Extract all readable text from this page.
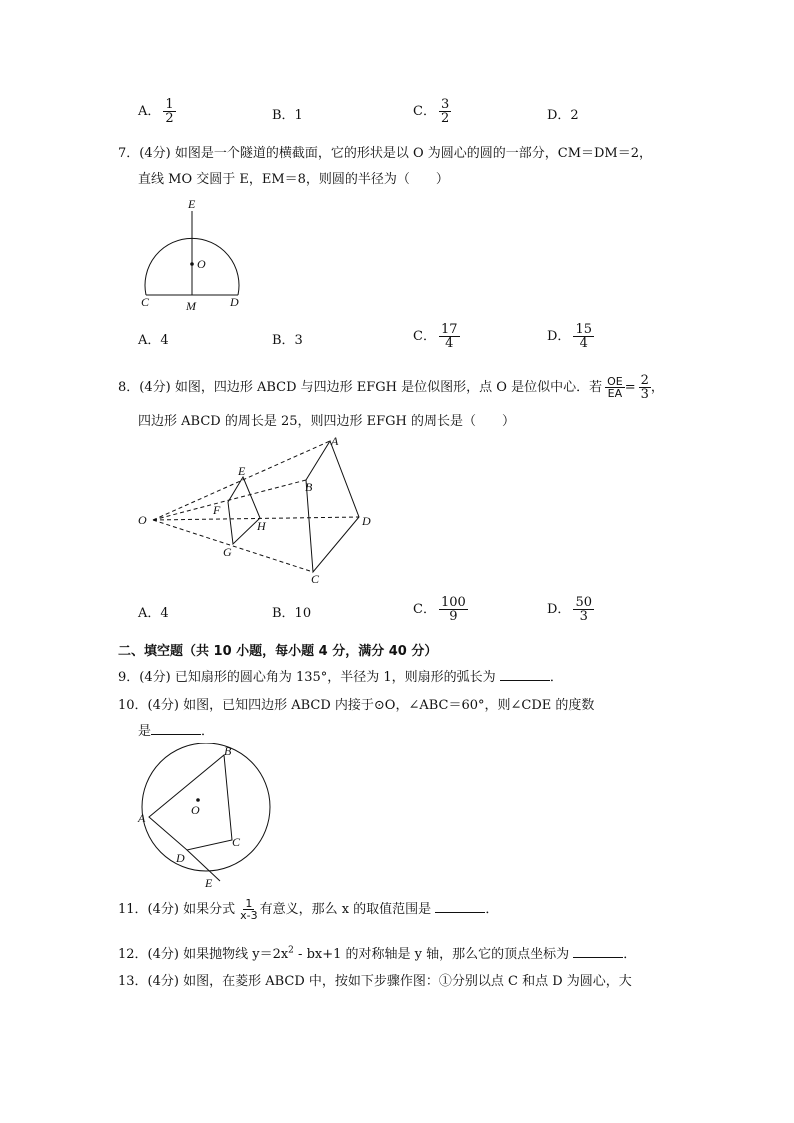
A． $\frac{1}{2}$	B．1	C． $\frac{3}{2}$	D．2
7．(4分) 如图是一个隧道的横截面，它的形状是以 O 为圆心的圆的一部分，CM＝DM＝2，
直线 MO 交圆于 E，EM＝8，则圆的半径为（　　）
E
O
C	M	D
A．4	B．3	C． $\frac{17}{4}$	D． $\frac{15}{4}$
8．(4分) 如图，四边形 ABCD 与四边形 EFGH 是位似图形，点 O 是位似中心．若 $\frac{OE}{EA} = \frac{2}{3}$ ，
四边形 ABCD 的周长是 25，则四边形 EFGH 的周长是（　　）
O
A
B
C
D
E
F
G
H
A．4	B．10	C． $\frac{100}{9}$	D． $\frac{50}{3}$
二、填空题（共 10 小题，每小题 4 分，满分 40 分）
9．(4分) 已知扇形的圆心角为 135°，半径为 1，则扇形的弧长为	．
10．(4分) 如图，已知四边形 ABCD 内接于⊙O，∠ABC＝60°，则∠CDE 的度数
是	．
A
B
C
D
E
O
11．(4分) 如果分式 $\frac{1}{x-3}$ 有意义，那么 x 的取值范围是	．
12．(4分) 如果抛物线 $y=2x^2 - bx+1$ 的对称轴是 y 轴，那么它的顶点坐标为	．
13．(4分) 如图，在菱形 ABCD 中，按如下步骤作图：①分别以点 C 和点 D 为圆心，大
